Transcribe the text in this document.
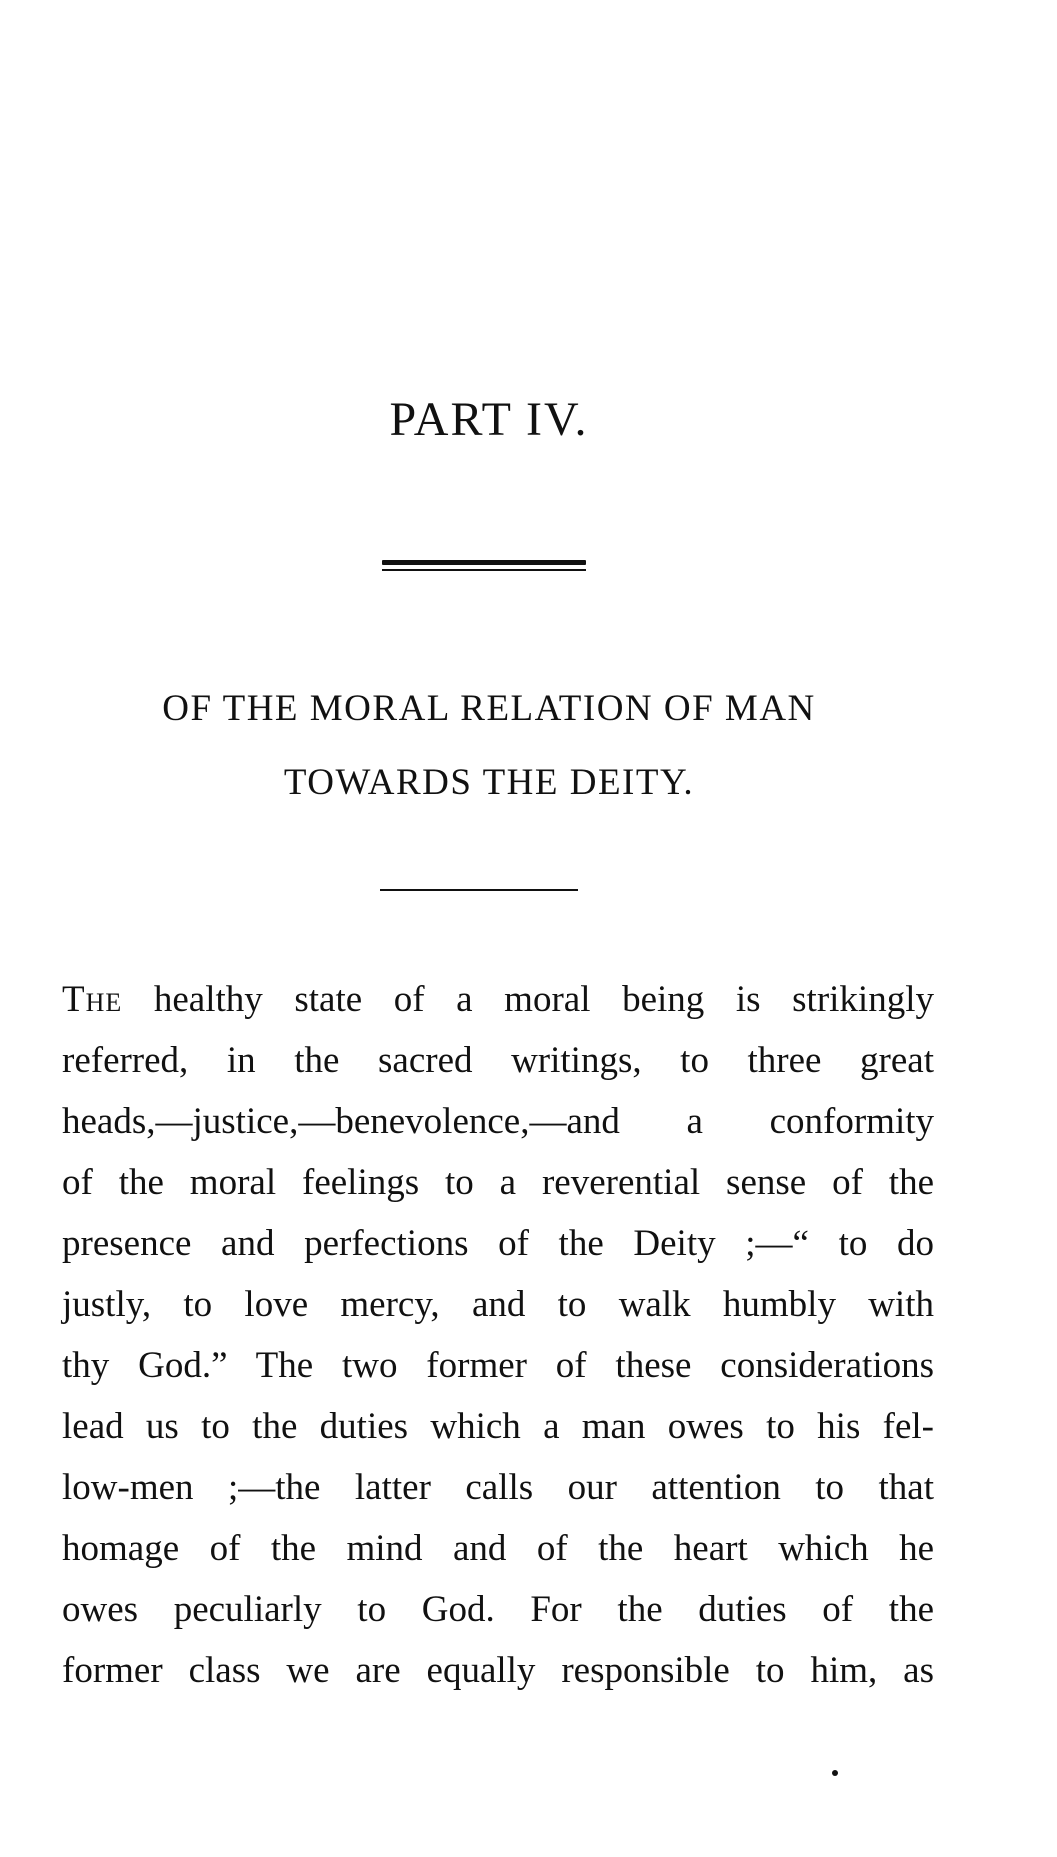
PART IV.
OF THE MORAL RELATION OF MAN
TOWARDS THE DEITY.
The healthy state of a moral being is strikingly
referred, in the sacred writings, to three great
heads,—justice,—benevolence,—and a conformity
of the moral feelings to a reverential sense of the
presence and perfections of the Deity ;—“ to do
justly, to love mercy, and to walk humbly with
thy God.” The two former of these considerations
lead us to the duties which a man owes to his fel-
low-men ;—the latter calls our attention to that
homage of the mind and of the heart which he
owes peculiarly to God. For the duties of the
former class we are equally responsible to him, as
